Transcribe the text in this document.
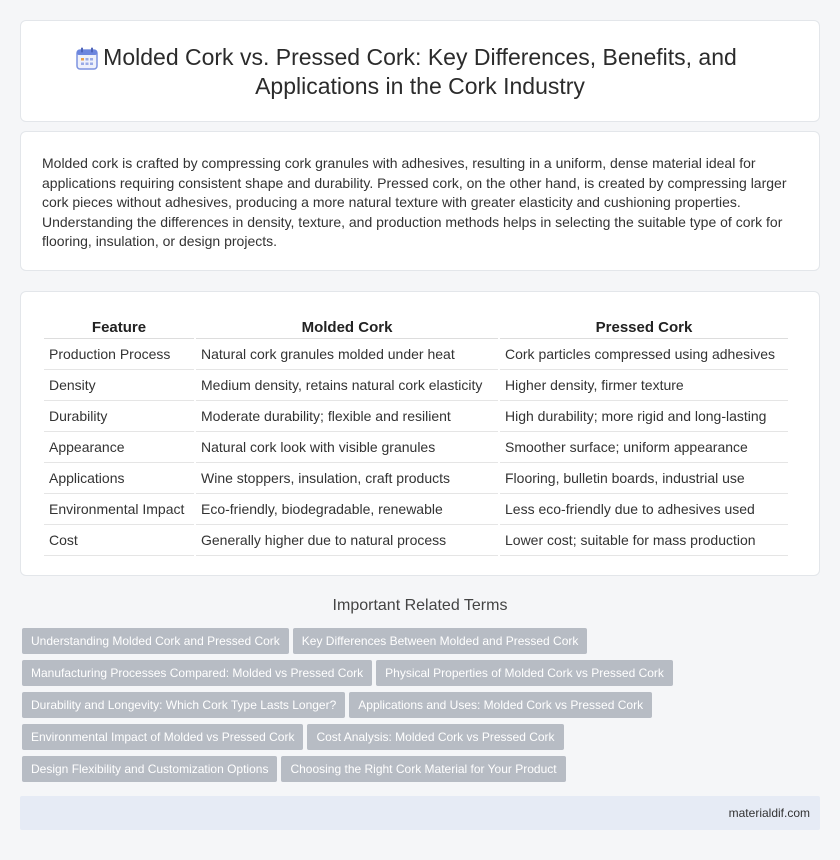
Molded Cork vs. Pressed Cork: Key Differences, Benefits, and Applications in the Cork Industry

Molded cork is crafted by compressing cork granules with adhesives, resulting in a uniform, dense material ideal for applications requiring consistent shape and durability. Pressed cork, on the other hand, is created by compressing larger cork pieces without adhesives, producing a more natural texture with greater elasticity and cushioning properties. Understanding the differences in density, texture, and production methods helps in selecting the suitable type of cork for flooring, insulation, or design projects.

Feature	Molded Cork	Pressed Cork
Production Process	Natural cork granules molded under heat	Cork particles compressed using adhesives
Density	Medium density, retains natural cork elasticity	Higher density, firmer texture
Durability	Moderate durability; flexible and resilient	High durability; more rigid and long-lasting
Appearance	Natural cork look with visible granules	Smoother surface; uniform appearance
Applications	Wine stoppers, insulation, craft products	Flooring, bulletin boards, industrial use
Environmental Impact	Eco-friendly, biodegradable, renewable	Less eco-friendly due to adhesives used
Cost	Generally higher due to natural process	Lower cost; suitable for mass production
Important Related Terms
Understanding Molded Cork and Pressed Cork Key Differences Between Molded and Pressed Cork
Manufacturing Processes Compared: Molded vs Pressed Cork Physical Properties of Molded Cork vs Pressed Cork
Durability and Longevity: Which Cork Type Lasts Longer? Applications and Uses: Molded Cork vs Pressed Cork
Environmental Impact of Molded vs Pressed Cork Cost Analysis: Molded Cork vs Pressed Cork
Design Flexibility and Customization Options Choosing the Right Cork Material for Your Product
materialdif.com
